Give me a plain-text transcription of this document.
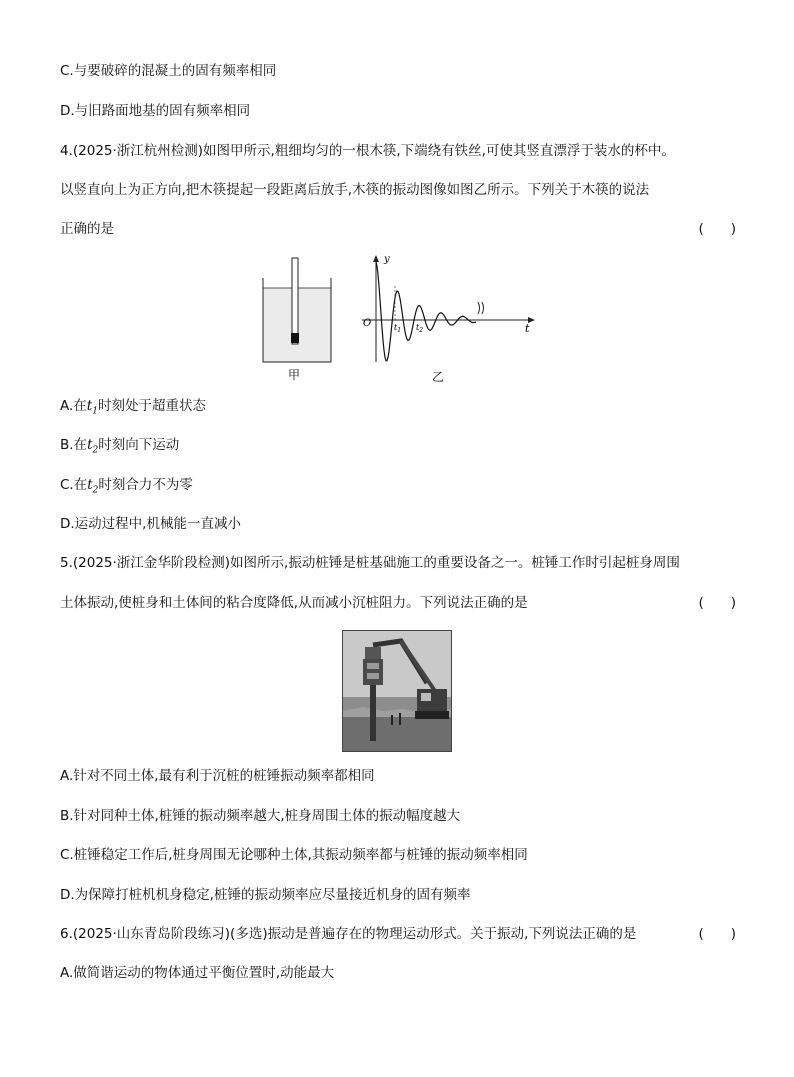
C.与要破碎的混凝土的固有频率相同
D.与旧路面地基的固有频率相同
4.(2025·浙江杭州检测)如图甲所示,粗细均匀的一根木筷,下端绕有铁丝,可使其竖直漂浮于装水的杯中。
以竖直向上为正方向,把木筷提起一段距离后放手,木筷的振动图像如图乙所示。下列关于木筷的说法
正确的是	(　　)
甲
y
t
O	$t_1$ $t_2$
乙
A.在$t_1$时刻处于超重状态
B.在$t_2$时刻向下运动
C.在$t_2$时刻合力不为零
D.运动过程中,机械能一直减小
5.(2025·浙江金华阶段检测)如图所示,振动桩锤是桩基础施工的重要设备之一。桩锤工作时引起桩身周围
土体振动,使桩身和土体间的粘合度降低,从而减小沉桩阻力。下列说法正确的是	(　　)
A.针对不同土体,最有利于沉桩的桩锤振动频率都相同
B.针对同种土体,桩锤的振动频率越大,桩身周围土体的振动幅度越大
C.桩锤稳定工作后,桩身周围无论哪种土体,其振动频率都与桩锤的振动频率相同
D.为保障打桩机机身稳定,桩锤的振动频率应尽量接近机身的固有频率
6.(2025·山东青岛阶段练习)(多选)振动是普遍存在的物理运动形式。关于振动,下列说法正确的是	(　　)
A.做简谐运动的物体通过平衡位置时,动能最大
